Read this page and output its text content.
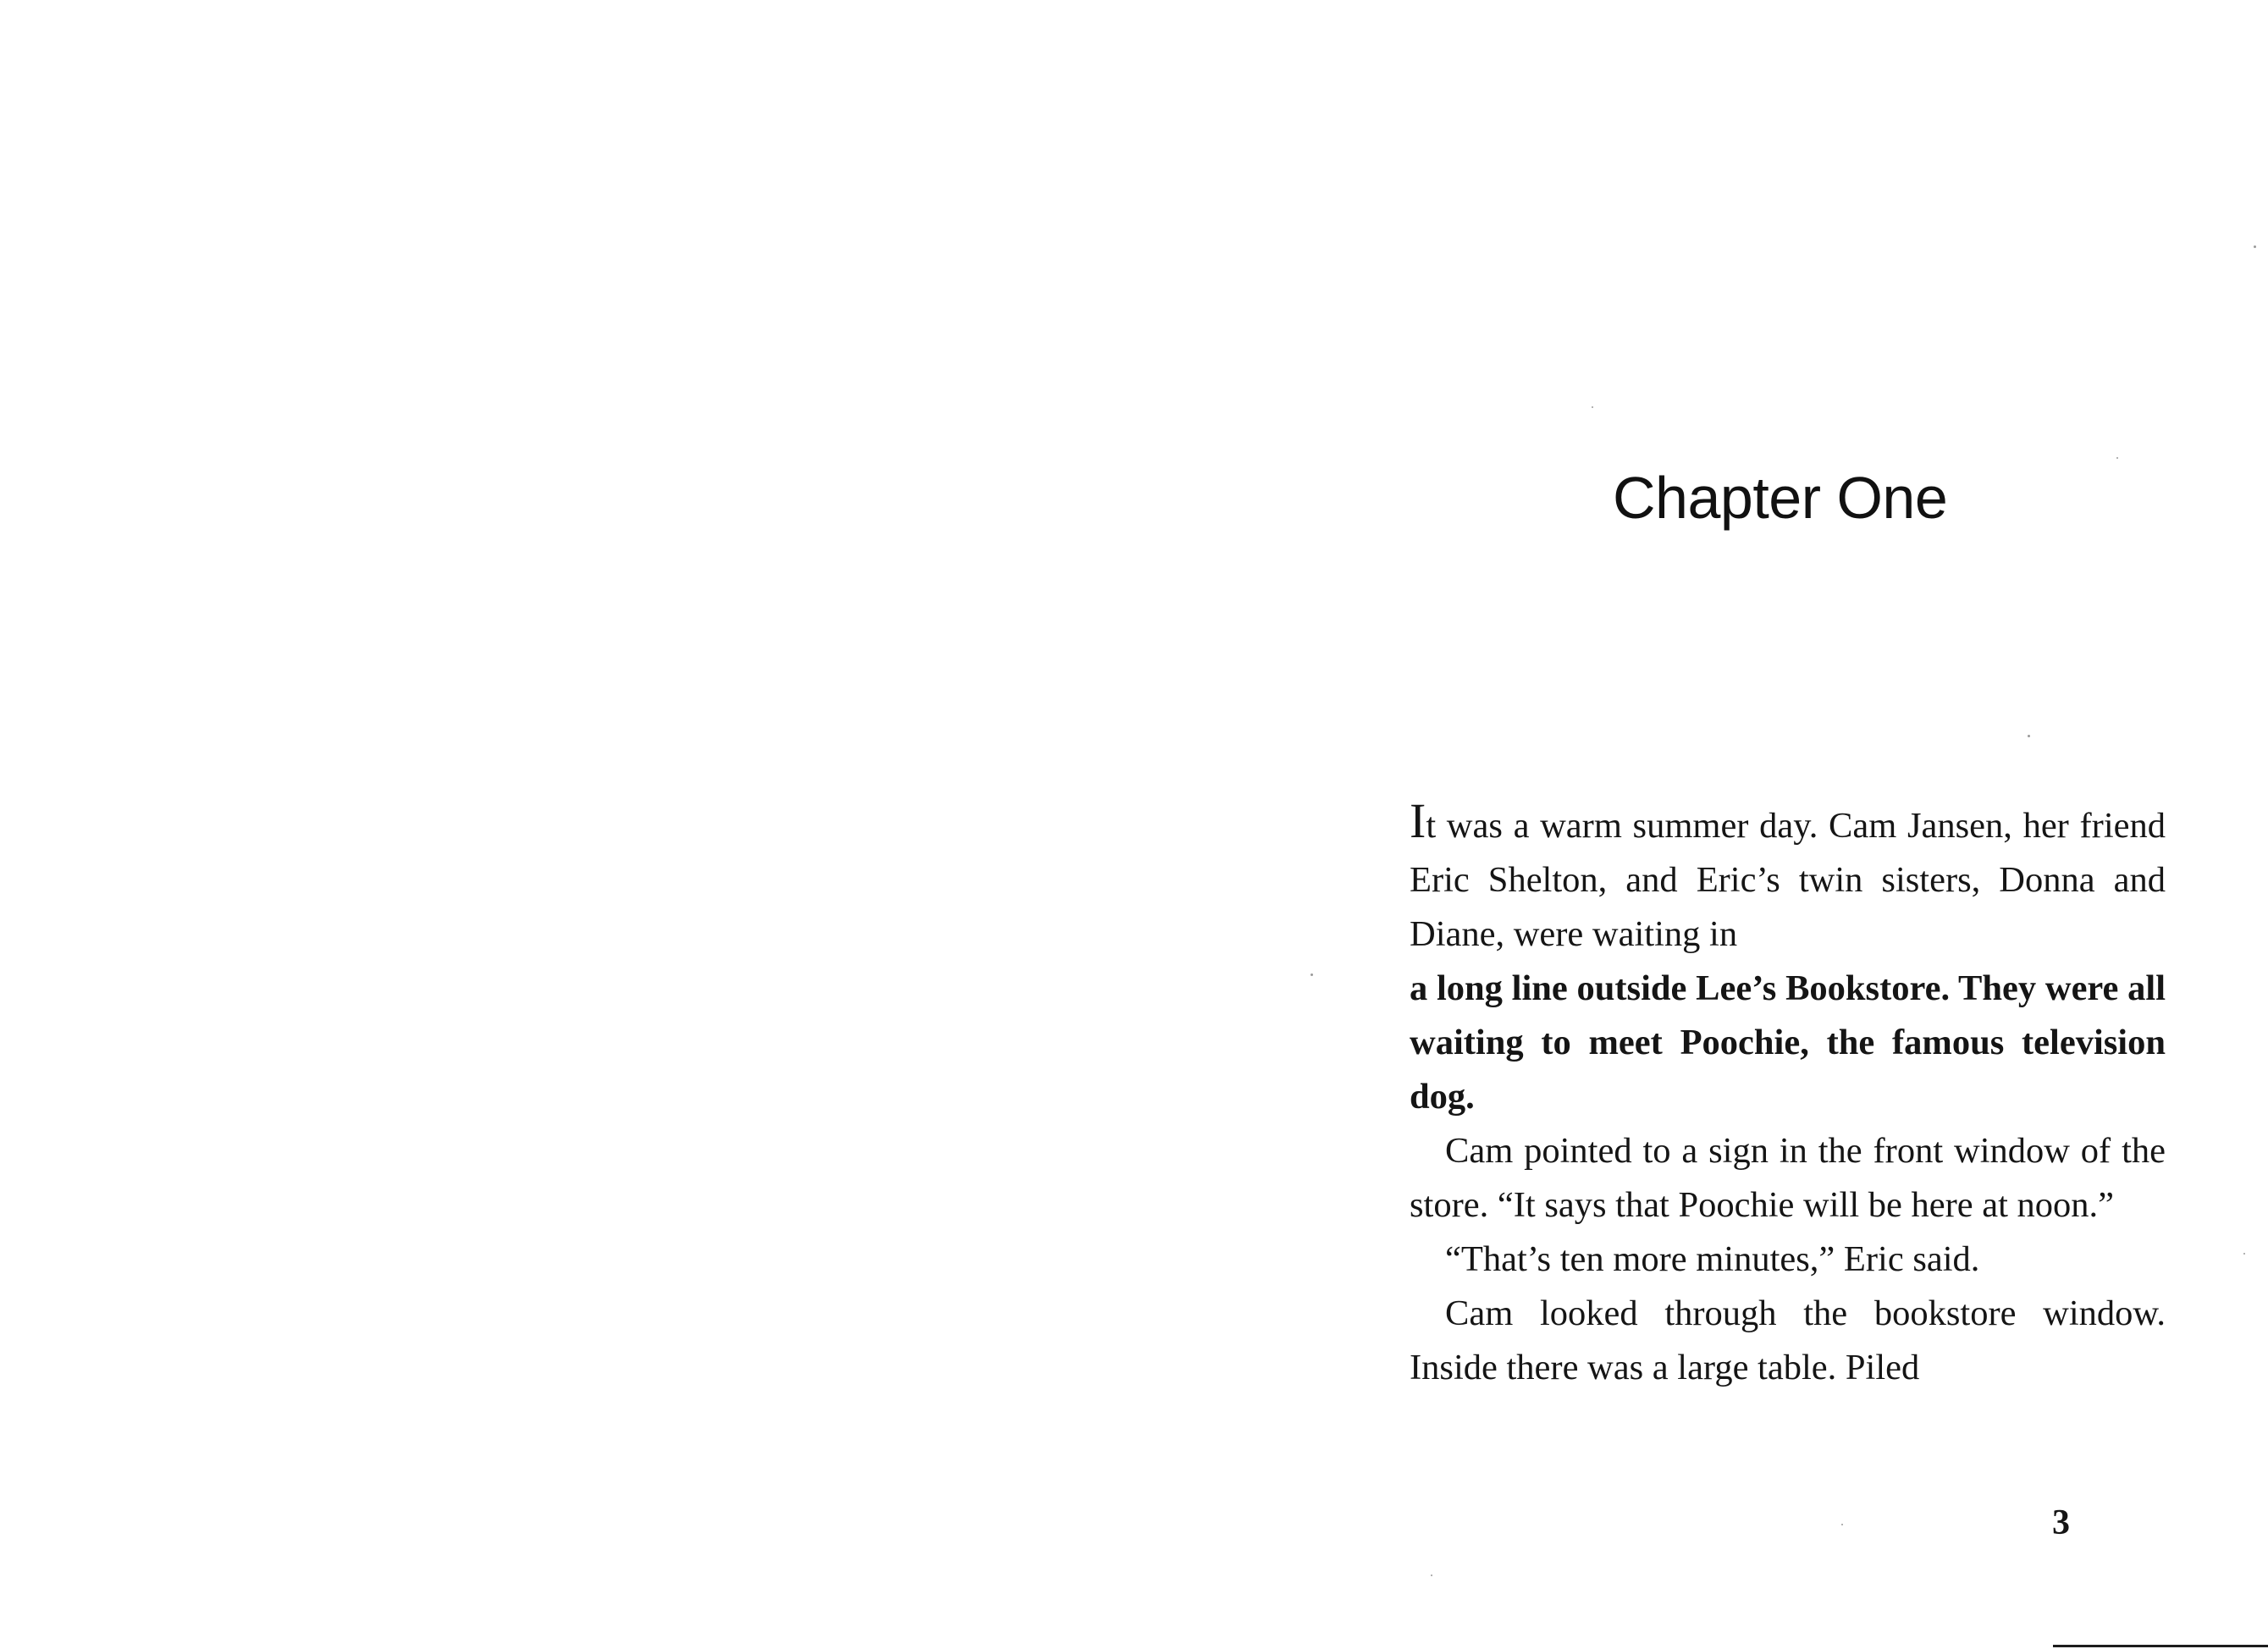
Chapter One

It was a warm summer day. Cam Jansen, her friend Eric Shelton, and Eric’s twin sisters, Donna and Diane, were waiting in

a long line outside Lee’s Bookstore. They were all waiting to meet Poochie, the famous television dog.

Cam pointed to a sign in the front window of the store. “It says that Poochie will be here at noon.”

“That’s ten more minutes,” Eric said.

Cam looked through the bookstore window. Inside there was a large table. Piled

3
